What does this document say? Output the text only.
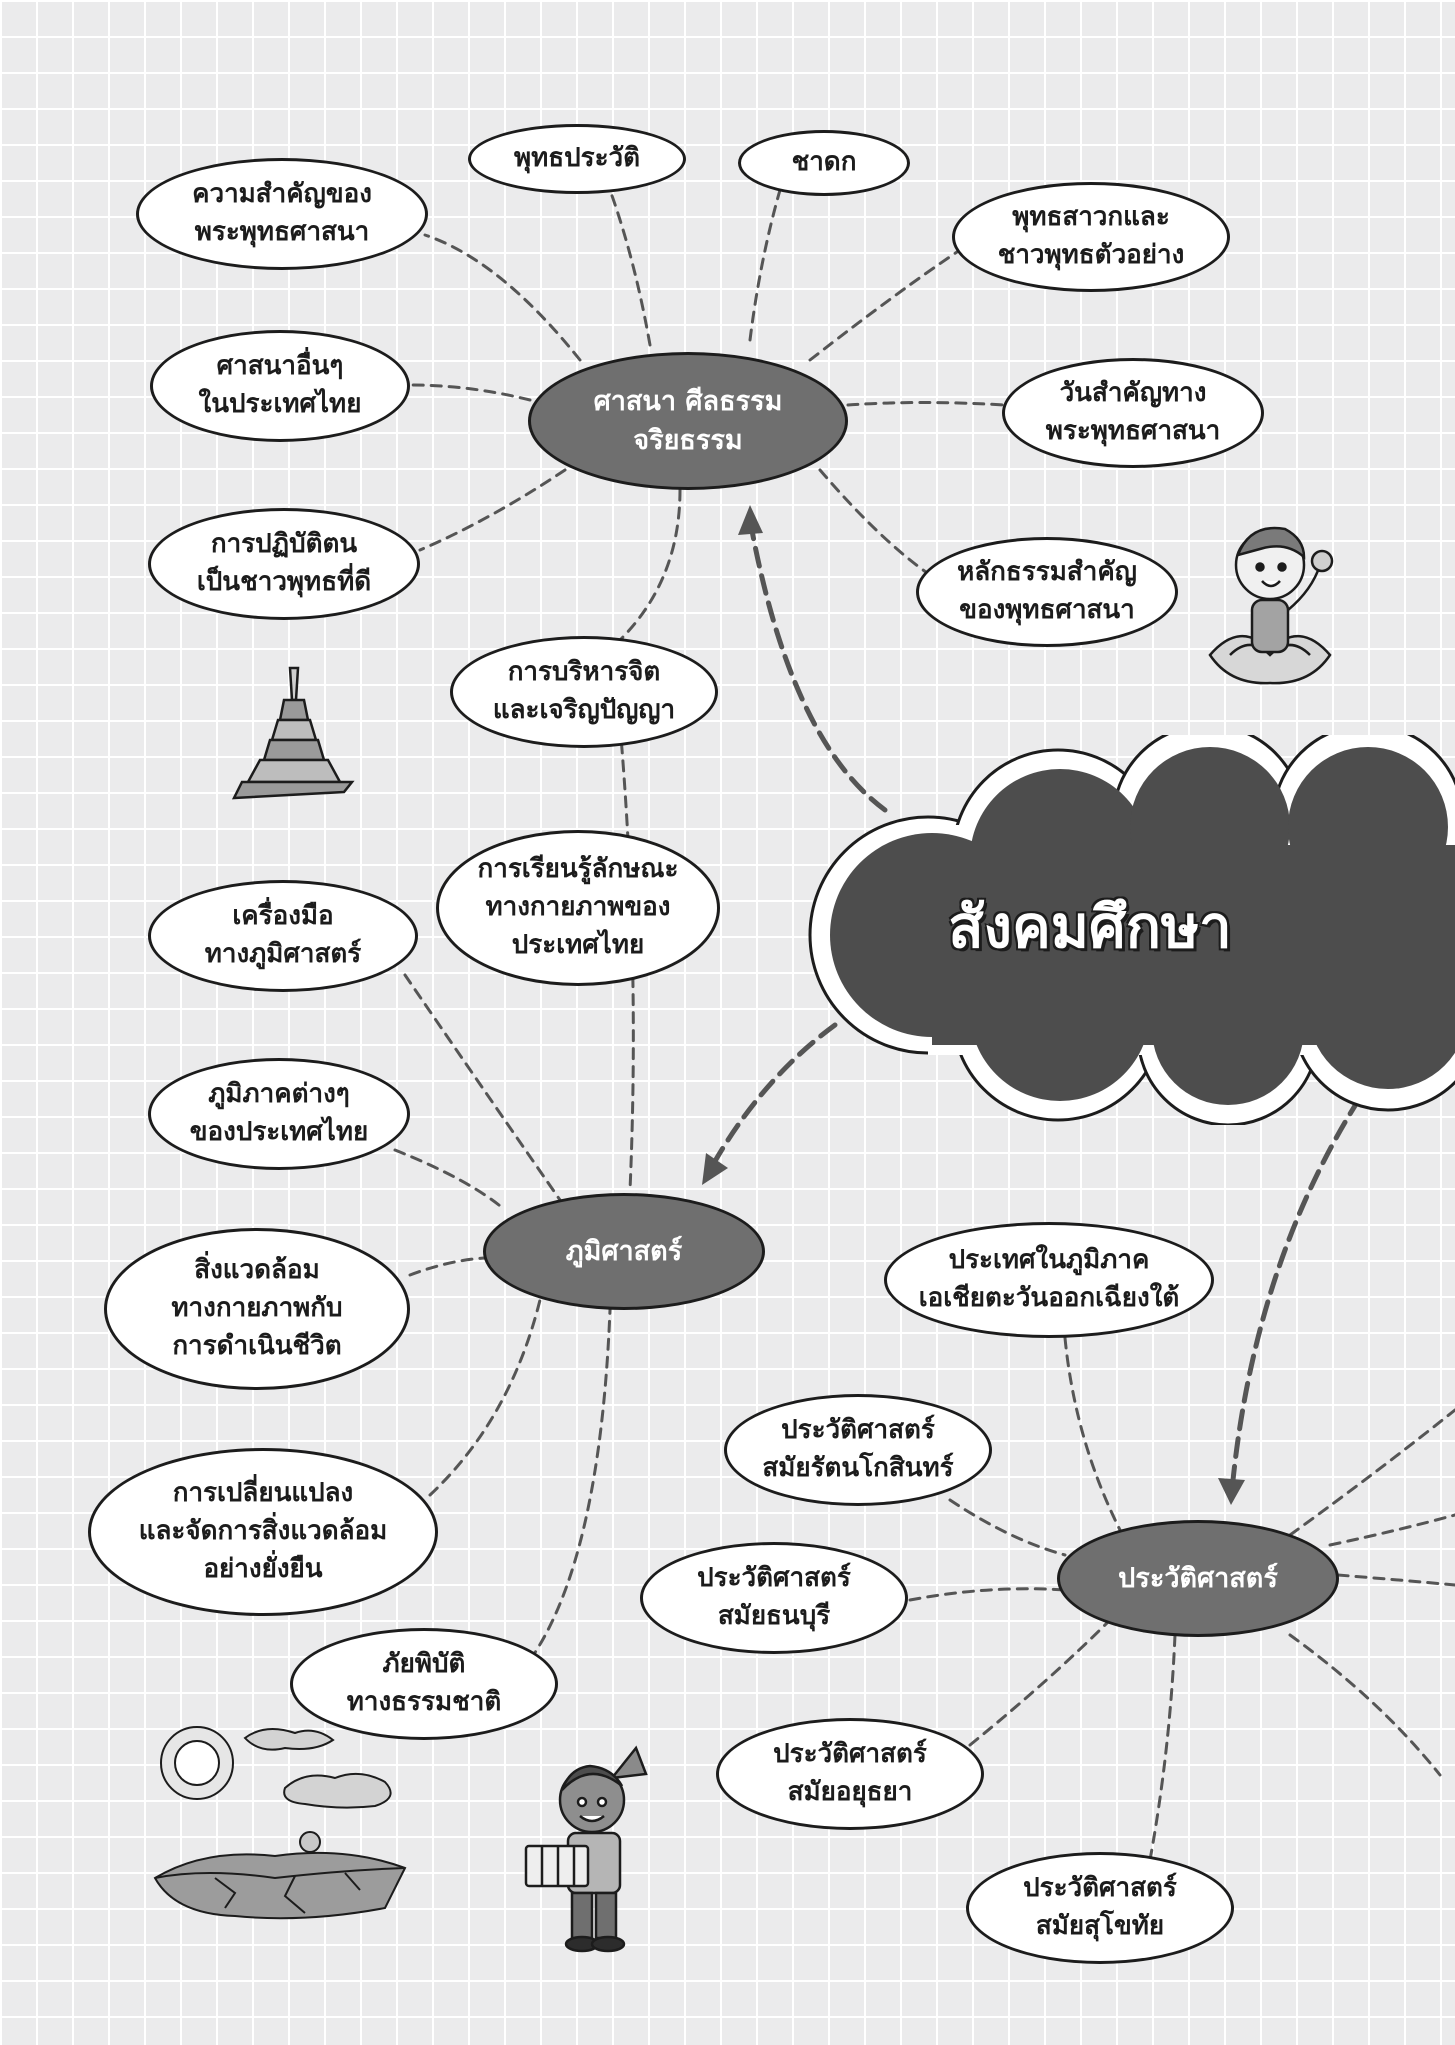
สังคมศึกษา
ศาสนา ศีลธรรม
จริยธรรม
ภูมิศาสตร์
ประวัติศาสตร์
ความสำคัญของ
พระพุทธศาสนา
พุทธประวัติ	ชาดก
พุทธสาวกและ
ชาวพุทธตัวอย่าง
ศาสนาอื่นๆ
ในประเทศไทย	วันสำคัญทาง
พระพุทธศาสนา
การปฏิบัติตน
เป็นชาวพุทธที่ดี	หลักธรรมสำคัญ
ของพุทธศาสนา
การบริหารจิต
และเจริญปัญญา
การเรียนรู้ลักษณะ
ทางกายภาพของ
ประเทศไทย
เครื่องมือ
ทางภูมิศาสตร์
ภูมิภาคต่างๆ
ของประเทศไทย
สิ่งแวดล้อม
ทางกายภาพกับ
การดำเนินชีวิต
การเปลี่ยนแปลง
และจัดการสิ่งแวดล้อม
อย่างยั่งยืน
ภัยพิบัติ
ทางธรรมชาติ
ประเทศในภูมิภาค
เอเชียตะวันออกเฉียงใต้
ประวัติศาสตร์
สมัยรัตนโกสินทร์
ประวัติศาสตร์
สมัยธนบุรี
ประวัติศาสตร์
สมัยอยุธยา
ประวัติศาสตร์
สมัยสุโขทัย
